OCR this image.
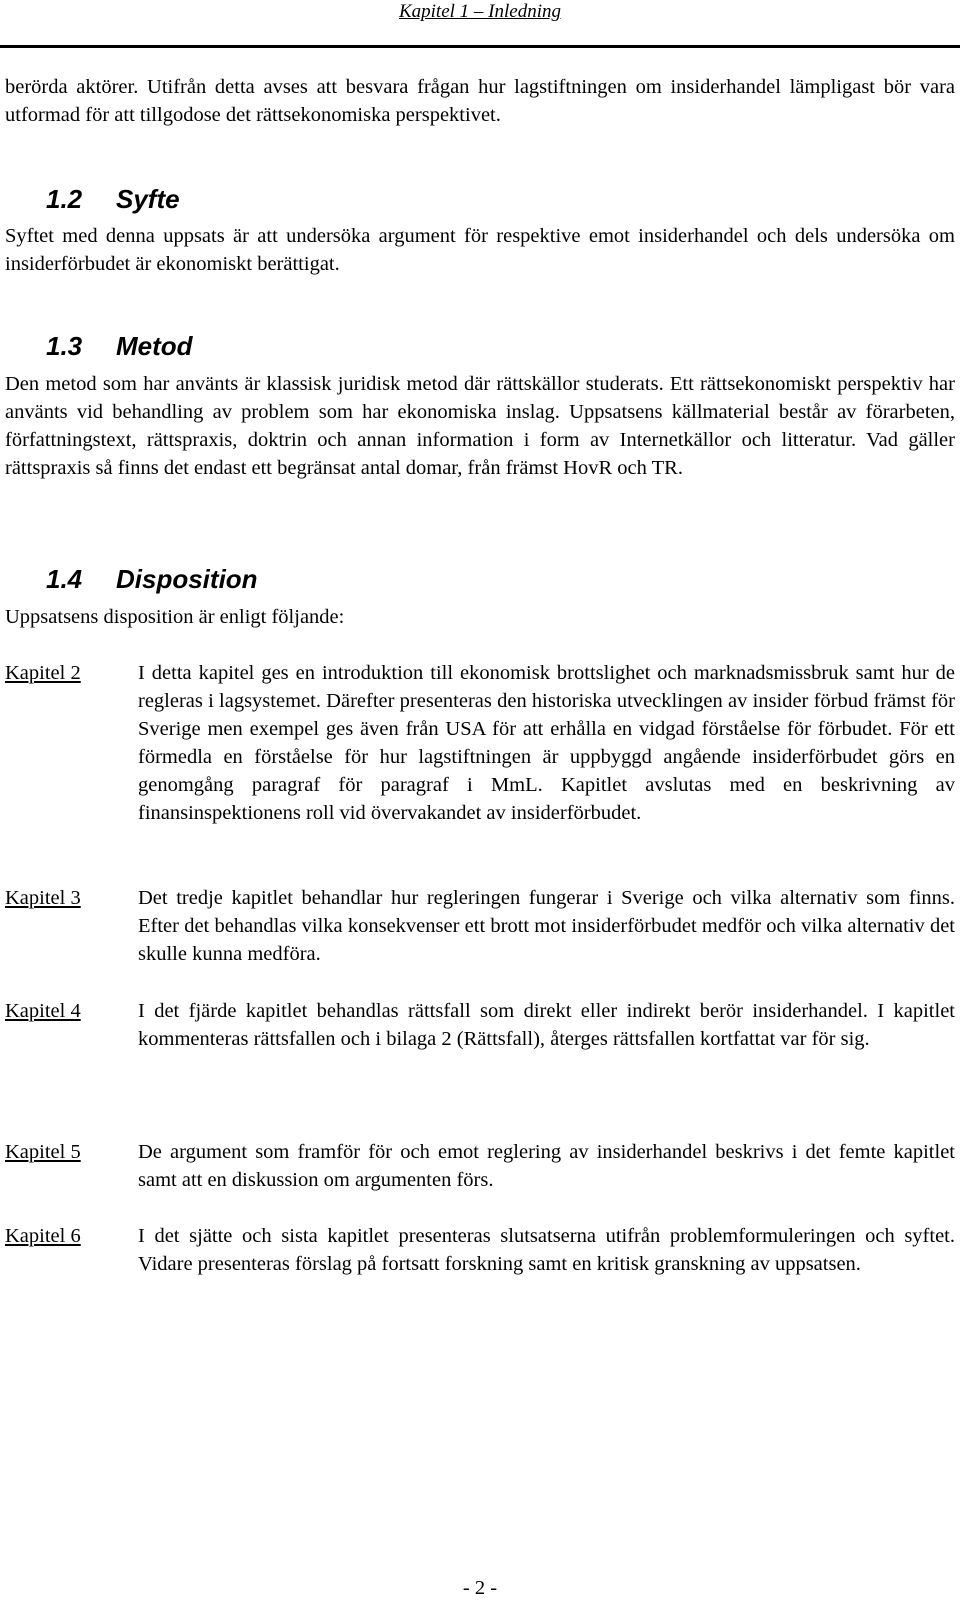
Kapitel 1 – Inledning

berörda aktörer. Utifrån detta avses att besvara frågan hur lagstiftningen om insiderhandel lämpligast bör vara utformad för att tillgodose det rättsekonomiska perspektivet.

1.2 Syfte

Syftet med denna uppsats är att undersöka argument för respektive emot insiderhandel och dels undersöka om insiderförbudet är ekonomiskt berättigat.

1.3 Metod

Den metod som har använts är klassisk juridisk metod där rättskällor studerats. Ett rättsekonomiskt perspektiv har använts vid behandling av problem som har ekonomiska inslag. Uppsatsens källmaterial består av förarbeten, författningstext, rättspraxis, doktrin och annan information i form av Internetkällor och litteratur. Vad gäller rättspraxis så finns det endast ett begränsat antal domar, från främst HovR och TR.

1.4 Disposition

Uppsatsens disposition är enligt följande:

Kapitel 2	I detta kapitel ges en introduktion till ekonomisk brottslighet och marknadsmissbruk samt hur de regleras i lagsystemet. Därefter presenteras den historiska utvecklingen av insider förbud främst för Sverige men exempel ges även från USA för att erhålla en vidgad förståelse för förbudet. För ett förmedla en förståelse för hur lagstiftningen är uppbyggd angående insiderförbudet görs en genomgång paragraf för paragraf i MmL. Kapitlet avslutas med en beskrivning av finansinspektionens roll vid övervakandet av insiderförbudet.

Kapitel 3	Det tredje kapitlet behandlar hur regleringen fungerar i Sverige och vilka alternativ som finns. Efter det behandlas vilka konsekvenser ett brott mot insiderförbudet medför och vilka alternativ det skulle kunna medföra.

Kapitel 4	I det fjärde kapitlet behandlas rättsfall som direkt eller indirekt berör insiderhandel. I kapitlet kommenteras rättsfallen och i bilaga 2 (Rättsfall), återges rättsfallen kortfattat var för sig.

Kapitel 5	De argument som framför för och emot reglering av insiderhandel beskrivs i det femte kapitlet samt att en diskussion om argumenten förs.

Kapitel 6	I det sjätte och sista kapitlet presenteras slutsatserna utifrån problemformuleringen och syftet. Vidare presenteras förslag på fortsatt forskning samt en kritisk granskning av uppsatsen.

- 2 -
